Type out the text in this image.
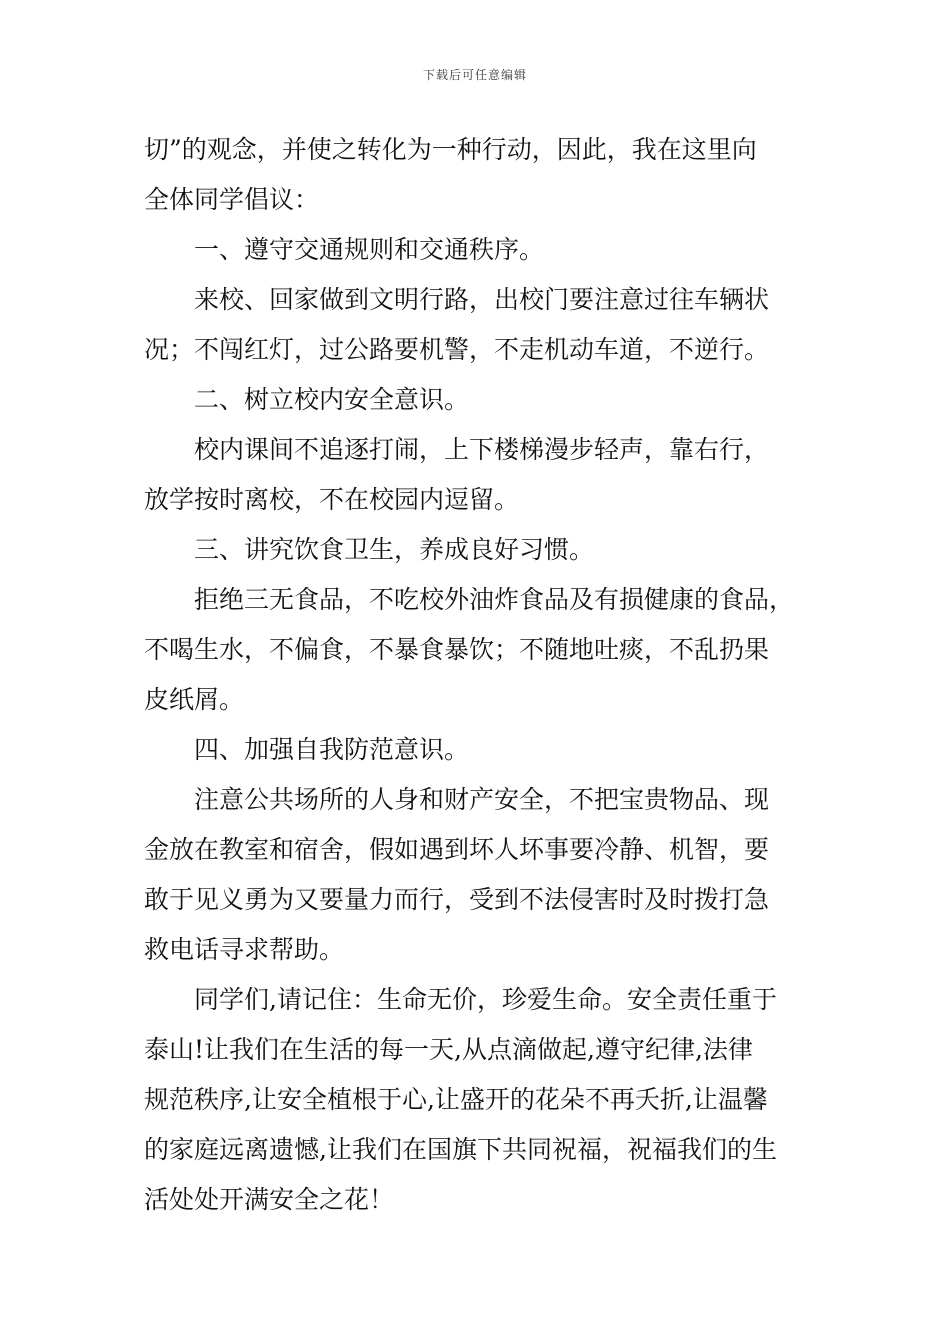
下载后可任意编辑
切”的观念，并使之转化为一种行动，因此，我在这里向
全体同学倡议：
一、遵守交通规则和交通秩序。
来校、回家做到文明行路，出校门要注意过往车辆状
况；不闯红灯，过公路要机警，不走机动车道，不逆行。
二、树立校内安全意识。
校内课间不追逐打闹，上下楼梯漫步轻声，靠右行，
放学按时离校，不在校园内逗留。
三、讲究饮食卫生，养成良好习惯。
拒绝三无食品，不吃校外油炸食品及有损健康的食品，
不喝生水，不偏食，不暴食暴饮；不随地吐痰，不乱扔果
皮纸屑。
四、加强自我防范意识。
注意公共场所的人身和财产安全，不把宝贵物品、现
金放在教室和宿舍，假如遇到坏人坏事要冷静、机智，要
敢于见义勇为又要量力而行，受到不法侵害时及时拨打急
救电话寻求帮助。
同学们,请记住：生命无价，珍爱生命。安全责任重于
泰山!让我们在生活的每一天,从点滴做起,遵守纪律,法律
规范秩序,让安全植根于心,让盛开的花朵不再夭折,让温馨
的家庭远离遗憾,让我们在国旗下共同祝福，祝福我们的生
活处处开满安全之花！
